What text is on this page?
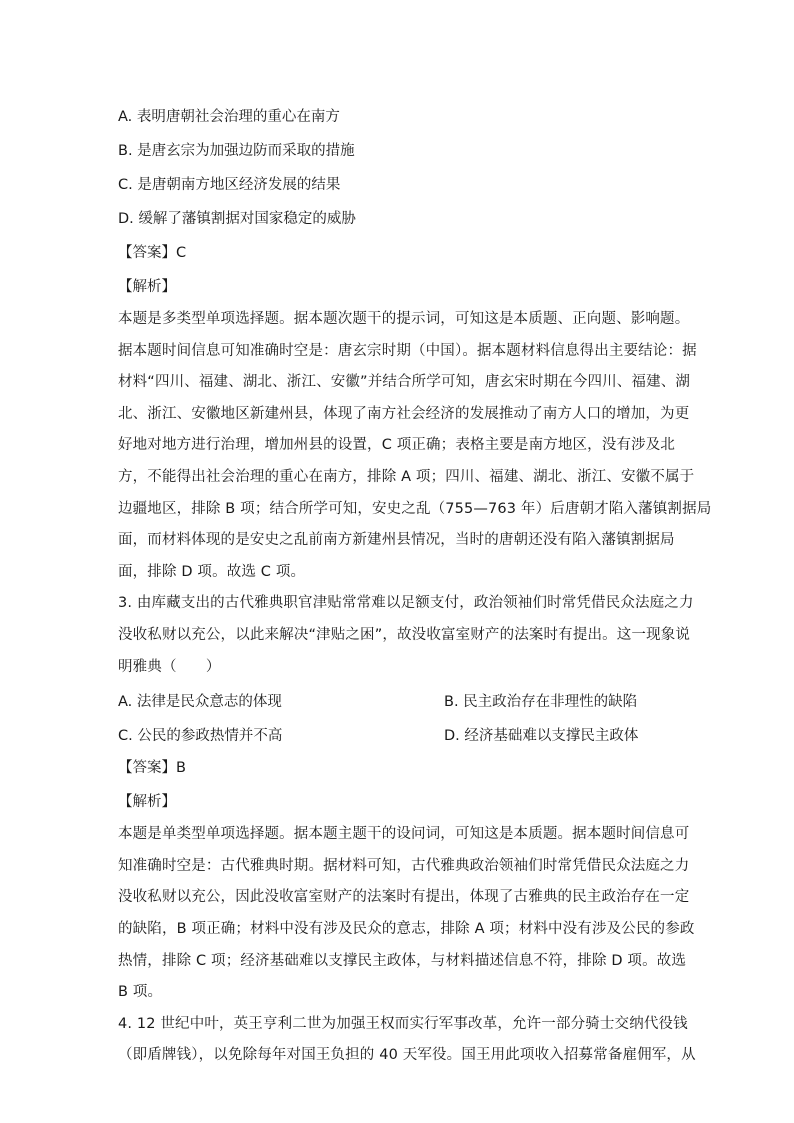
A. 表明唐朝社会治理的重心在南方
B. 是唐玄宗为加强边防而采取的措施
C. 是唐朝南方地区经济发展的结果
D. 缓解了藩镇割据对国家稳定的威胁
【答案】C
【解析】
本题是多类型单项选择题。据本题次题干的提示词，可知这是本质题、正向题、影响题。
据本题时间信息可知准确时空是：唐玄宗时期（中国）。据本题材料信息得出主要结论：据
材料“四川、福建、湖北、浙江、安徽”并结合所学可知，唐玄宋时期在今四川、福建、湖
北、浙江、安徽地区新建州县，体现了南方社会经济的发展推动了南方人口的增加，为更
好地对地方进行治理，增加州县的设置，C 项正确；表格主要是南方地区，没有涉及北
方，不能得出社会治理的重心在南方，排除 A 项；四川、福建、湖北、浙江、安徽不属于
边疆地区，排除 B 项；结合所学可知，安史之乱（755—763 年）后唐朝才陷入藩镇割据局
面，而材料体现的是安史之乱前南方新建州县情况，当时的唐朝还没有陷入藩镇割据局
面，排除 D 项。故选 C 项。
3. 由库藏支出的古代雅典职官津贴常常难以足额支付，政治领袖们时常凭借民众法庭之力
没收私财以充公，以此来解决“津贴之困”，故没收富室财产的法案时有提出。这一现象说
明雅典（　　）
A. 法律是民众意志的体现	B. 民主政治存在非理性的缺陷
C. 公民的参政热情并不高	D. 经济基础难以支撑民主政体
【答案】B
【解析】
本题是单类型单项选择题。据本题主题干的设问词，可知这是本质题。据本题时间信息可
知准确时空是：古代雅典时期。据材料可知，古代雅典政治领袖们时常凭借民众法庭之力
没收私财以充公，因此没收富室财产的法案时有提出，体现了古雅典的民主政治存在一定
的缺陷，B 项正确；材料中没有涉及民众的意志，排除 A 项；材料中没有涉及公民的参政
热情，排除 C 项；经济基础难以支撑民主政体，与材料描述信息不符，排除 D 项。故选
B 项。
4. 12 世纪中叶，英王亨利二世为加强王权而实行军事改革，允许一部分骑士交纳代役钱
（即盾牌钱），以免除每年对国王负担的 40 天军役。国王用此项收入招募常备雇佣军，从
